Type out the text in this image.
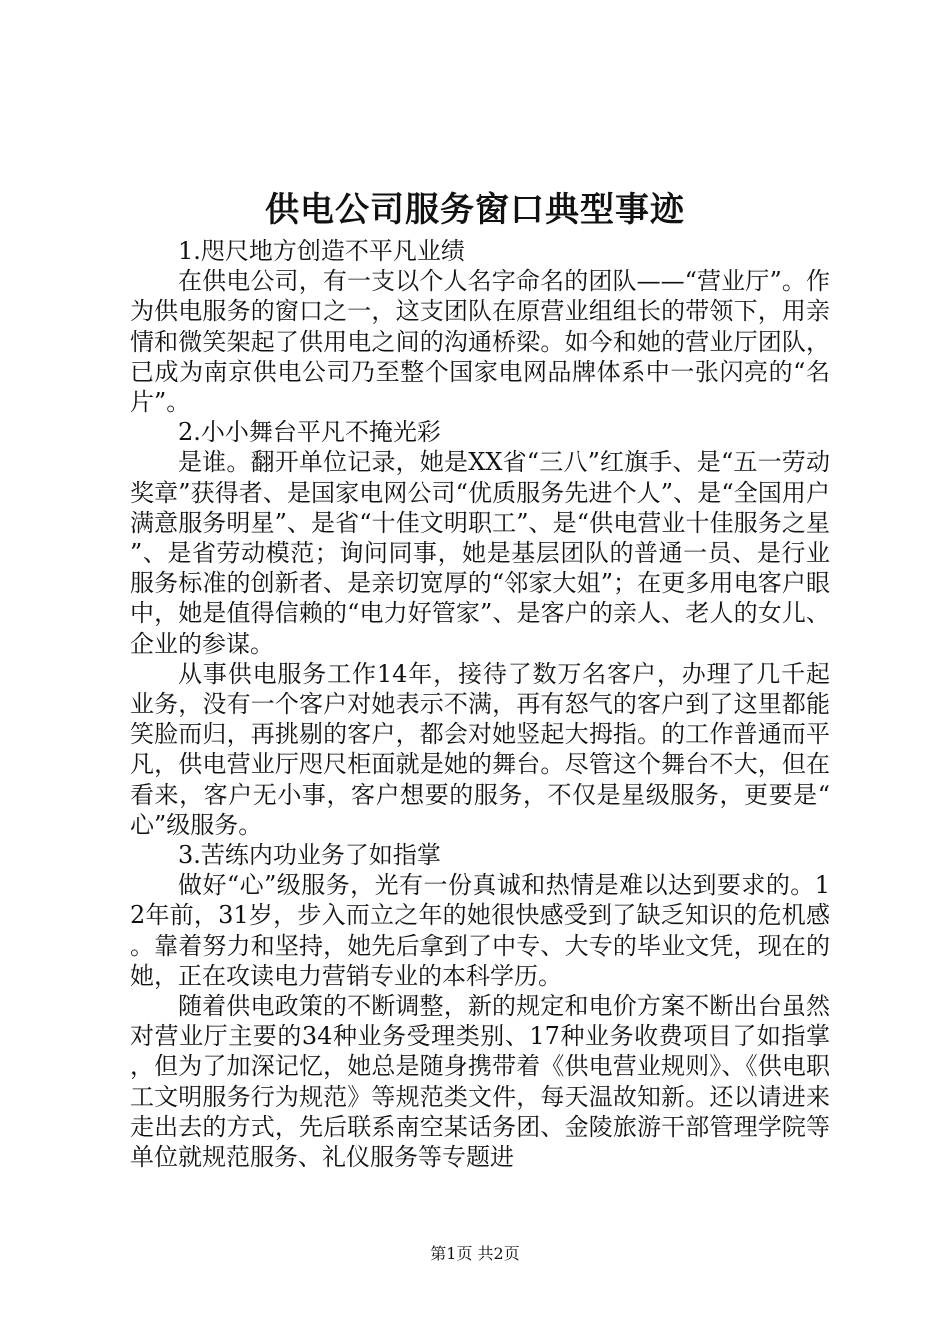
供电公司服务窗口典型事迹

1.咫尺地方创造不平凡业绩

在供电公司，有一支以个人名字命名的团队——“营业厅”。作为供电服务的窗口之一，这支团队在原营业组组长的带领下，用亲情和微笑架起了供用电之间的沟通桥梁。如今和她的营业厅团队，已成为南京供电公司乃至整个国家电网品牌体系中一张闪亮的“名片”。

2.小小舞台平凡不掩光彩

是谁。翻开单位记录，她是XX省“三八”红旗手、是“五一劳动奖章”获得者、是国家电网公司“优质服务先进个人”、是“全国用户满意服务明星”、是省“十佳文明职工”、是“供电营业十佳服务之星”、是省劳动模范；询问同事，她是基层团队的普通一员、是行业服务标准的创新者、是亲切宽厚的“邻家大姐”；在更多用电客户眼中，她是值得信赖的“电力好管家”、是客户的亲人、老人的女儿、企业的参谋。

从事供电服务工作14年，接待了数万名客户，办理了几千起业务，没有一个客户对她表示不满，再有怒气的客户到了这里都能笑脸而归，再挑剔的客户，都会对她竖起大拇指。的工作普通而平凡，供电营业厅咫尺柜面就是她的舞台。尽管这个舞台不大，但在看来，客户无小事，客户想要的服务，不仅是星级服务，更要是“心”级服务。

3.苦练内功业务了如指掌

做好“心”级服务，光有一份真诚和热情是难以达到要求的。12年前，31岁，步入而立之年的她很快感受到了缺乏知识的危机感。靠着努力和坚持，她先后拿到了中专、大专的毕业文凭，现在的她，正在攻读电力营销专业的本科学历。

随着供电政策的不断调整，新的规定和电价方案不断出台虽然对营业厅主要的34种业务受理类别、17种业务收费项目了如指掌，但为了加深记忆，她总是随身携带着《供电营业规则》、《供电职工文明服务行为规范》等规范类文件，每天温故知新。还以请进来走出去的方式，先后联系南空某话务团、金陵旅游干部管理学院等单位就规范服务、礼仪服务等专题进

第1页 共2页
